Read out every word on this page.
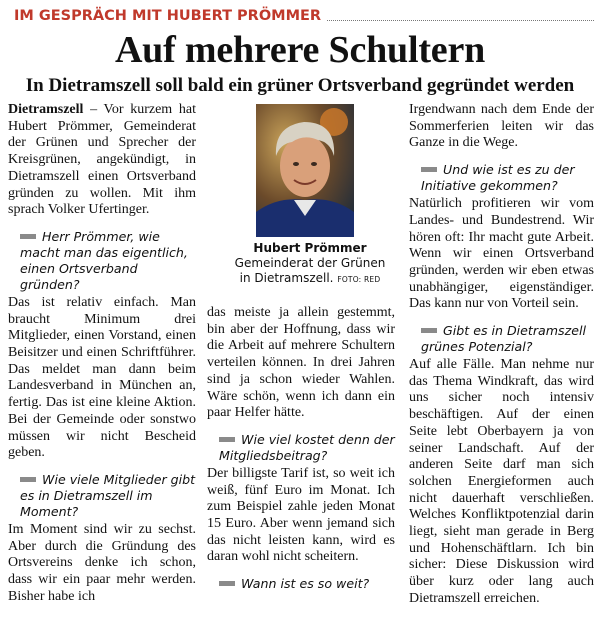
IM GESPRÄCH MIT HUBERT PRÖMMER
Auf mehrere Schultern
In Dietramszell soll bald ein grüner Ortsverband gegründet werden

Dietramszell – Vor kurzem hat Hubert Prömmer, Gemeinderat der Grünen und Sprecher der Kreisgrünen, angekündigt, in Dietramszell einen Ortsverband gründen zu wollen. Mit ihm sprach Volker Ufertinger.

Herr Prömmer, wie macht man das eigentlich, einen Ortsverband gründen?

Das ist relativ einfach. Man braucht Minimum drei Mitglieder, einen Vorstand, einen Beisitzer und einen Schriftführer. Das meldet man dann beim Landesverband in München an, fertig. Das ist eine kleine Aktion. Bei der Gemeinde oder sonstwo müssen wir nicht Bescheid geben.

Wie viele Mitglieder gibt es in Dietramszell im Moment?

Im Moment sind wir zu sechst. Aber durch die Gründung des Ortsvereins denke ich schon, dass wir ein paar mehr werden. Bisher habe ich

Hubert Prömmer
Gemeinderat der Grünen in Dietramszell. FOTO: RED

das meiste ja allein gestemmt, bin aber der Hoffnung, dass wir die Arbeit auf mehrere Schultern verteilen können. In drei Jahren sind ja schon wieder Wahlen. Wäre schön, wenn ich dann ein paar Helfer hätte.

Wie viel kostet denn der Mitgliedsbeitrag?

Der billigste Tarif ist, so weit ich weiß, fünf Euro im Monat. Ich zum Beispiel zahle jeden Monat 15 Euro. Aber wenn jemand sich das nicht leisten kann, wird es daran wohl nicht scheitern.

Wann ist es so weit?

Irgendwann nach dem Ende der Sommerferien leiten wir das Ganze in die Wege.

Und wie ist es zu der Initiative gekommen?

Natürlich profitieren wir vom Landes- und Bundestrend. Wir hören oft: Ihr macht gute Arbeit. Wenn wir einen Ortsverband gründen, werden wir eben etwas unabhängiger, eigenständiger. Das kann nur von Vorteil sein.

Gibt es in Dietramszell grünes Potenzial?

Auf alle Fälle. Man nehme nur das Thema Windkraft, das wird uns sicher noch intensiv beschäftigen. Auf der einen Seite lebt Oberbayern ja von seiner Landschaft. Auf der anderen Seite darf man sich solchen Energieformen auch nicht dauerhaft verschließen. Welches Konfliktpotenzial darin liegt, sieht man gerade in Berg und Hohenschäftlarn. Ich bin sicher: Diese Diskussion wird über kurz oder lang auch Dietramszell erreichen.
